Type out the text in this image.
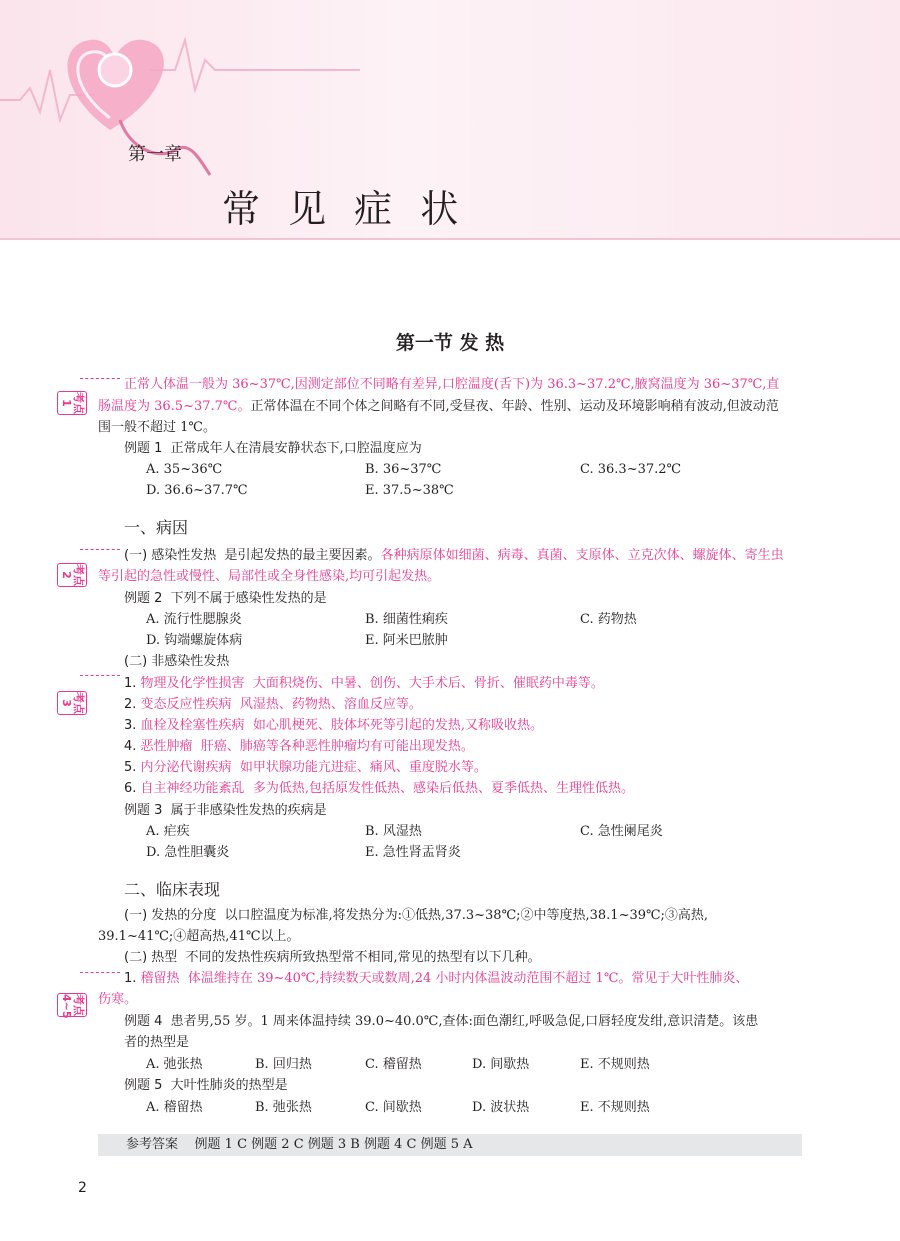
第一章
常 见 症 状
第一节 发 热
考点1
考点2
考点3
考点4~5
正常人体温一般为 36~37℃,因测定部位不同略有差异,口腔温度(舌下)为 36.3~37.2℃,腋窝温度为 36~37℃,直
肠温度为 36.5~37.7℃。正常体温在不同个体之间略有不同,受昼夜、年龄、性别、运动及环境影响稍有波动,但波动范
围一般不超过 1℃。
例题 1 正常成年人在清晨安静状态下,口腔温度应为
A. 35~36℃	B. 36~37℃	C. 36.3~37.2℃
D. 36.6~37.7℃	E. 37.5~38℃
一、病因
(一) 感染性发热 是引起发热的最主要因素。各种病原体如细菌、病毒、真菌、支原体、立克次体、螺旋体、寄生虫
等引起的急性或慢性、局部性或全身性感染,均可引起发热。
例题 2 下列不属于感染性发热的是
A. 流行性腮腺炎	B. 细菌性痢疾	C. 药物热
D. 钩端螺旋体病	E. 阿米巴脓肿
(二) 非感染性发热
1. 物理及化学性损害 大面积烧伤、中暑、创伤、大手术后、骨折、催眠药中毒等。
2. 变态反应性疾病 风湿热、药物热、溶血反应等。
3. 血栓及栓塞性疾病 如心肌梗死、肢体坏死等引起的发热,又称吸收热。
4. 恶性肿瘤 肝癌、肺癌等各种恶性肿瘤均有可能出现发热。
5. 内分泌代谢疾病 如甲状腺功能亢进症、痛风、重度脱水等。
6. 自主神经功能紊乱 多为低热,包括原发性低热、感染后低热、夏季低热、生理性低热。
例题 3 属于非感染性发热的疾病是
A. 疟疾	B. 风湿热	C. 急性阑尾炎
D. 急性胆囊炎	E. 急性肾盂肾炎
二、临床表现
(一) 发热的分度 以口腔温度为标准,将发热分为:①低热,37.3~38℃;②中等度热,38.1~39℃;③高热,
39.1~41℃;④超高热,41℃以上。
(二) 热型 不同的发热性疾病所致热型常不相同,常见的热型有以下几种。
1. 稽留热 体温维持在 39~40℃,持续数天或数周,24 小时内体温波动范围不超过 1℃。常见于大叶性肺炎、
伤寒。
例题 4 患者男,55 岁。1 周来体温持续 39.0~40.0℃,查体:面色潮红,呼吸急促,口唇轻度发绀,意识清楚。该患
者的热型是
A. 弛张热	B. 回归热	C. 稽留热	D. 间歇热	E. 不规则热
例题 5 大叶性肺炎的热型是
A. 稽留热	B. 弛张热	C. 间歇热	D. 波状热	E. 不规则热
参考答案 例题 1 C 例题 2 C 例题 3 B 例题 4 C 例题 5 A
2
